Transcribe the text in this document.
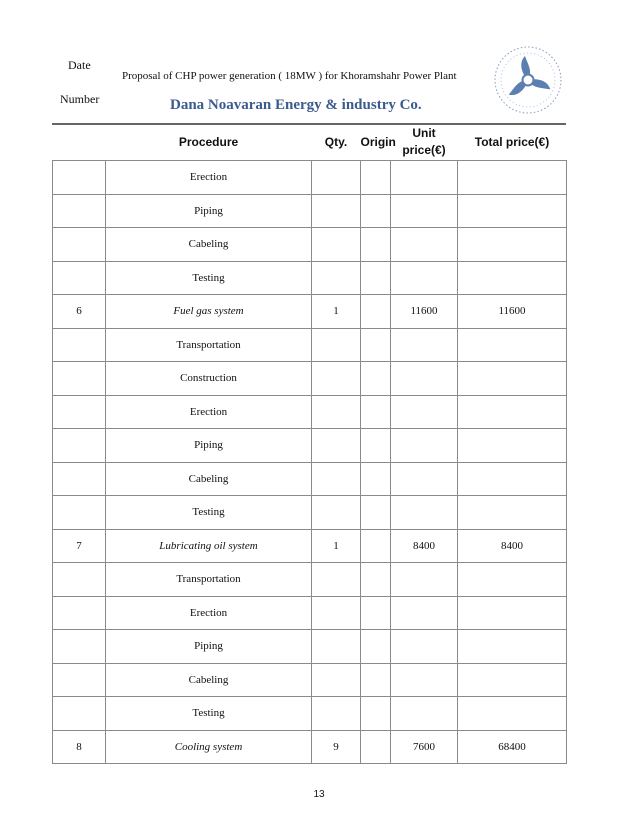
Date
Number
Proposal of CHP power generation ( 18MW ) for Khoramshahr Power Plant
Dana Noavaran Energy & industry Co.
	Procedure	Qty.	Origin	Unit price(€)	Total price(€)
	Erection				
	Piping				
	Cabeling				
	Testing				
6	Fuel gas system	1		11600	11600
	Transportation				
	Construction				
	Erection				
	Piping				
	Cabeling				
	Testing				
7	Lubricating oil system	1		8400	8400
	Transportation				
	Erection				
	Piping				
	Cabeling				
	Testing				
8	Cooling system	9		7600	68400
13
